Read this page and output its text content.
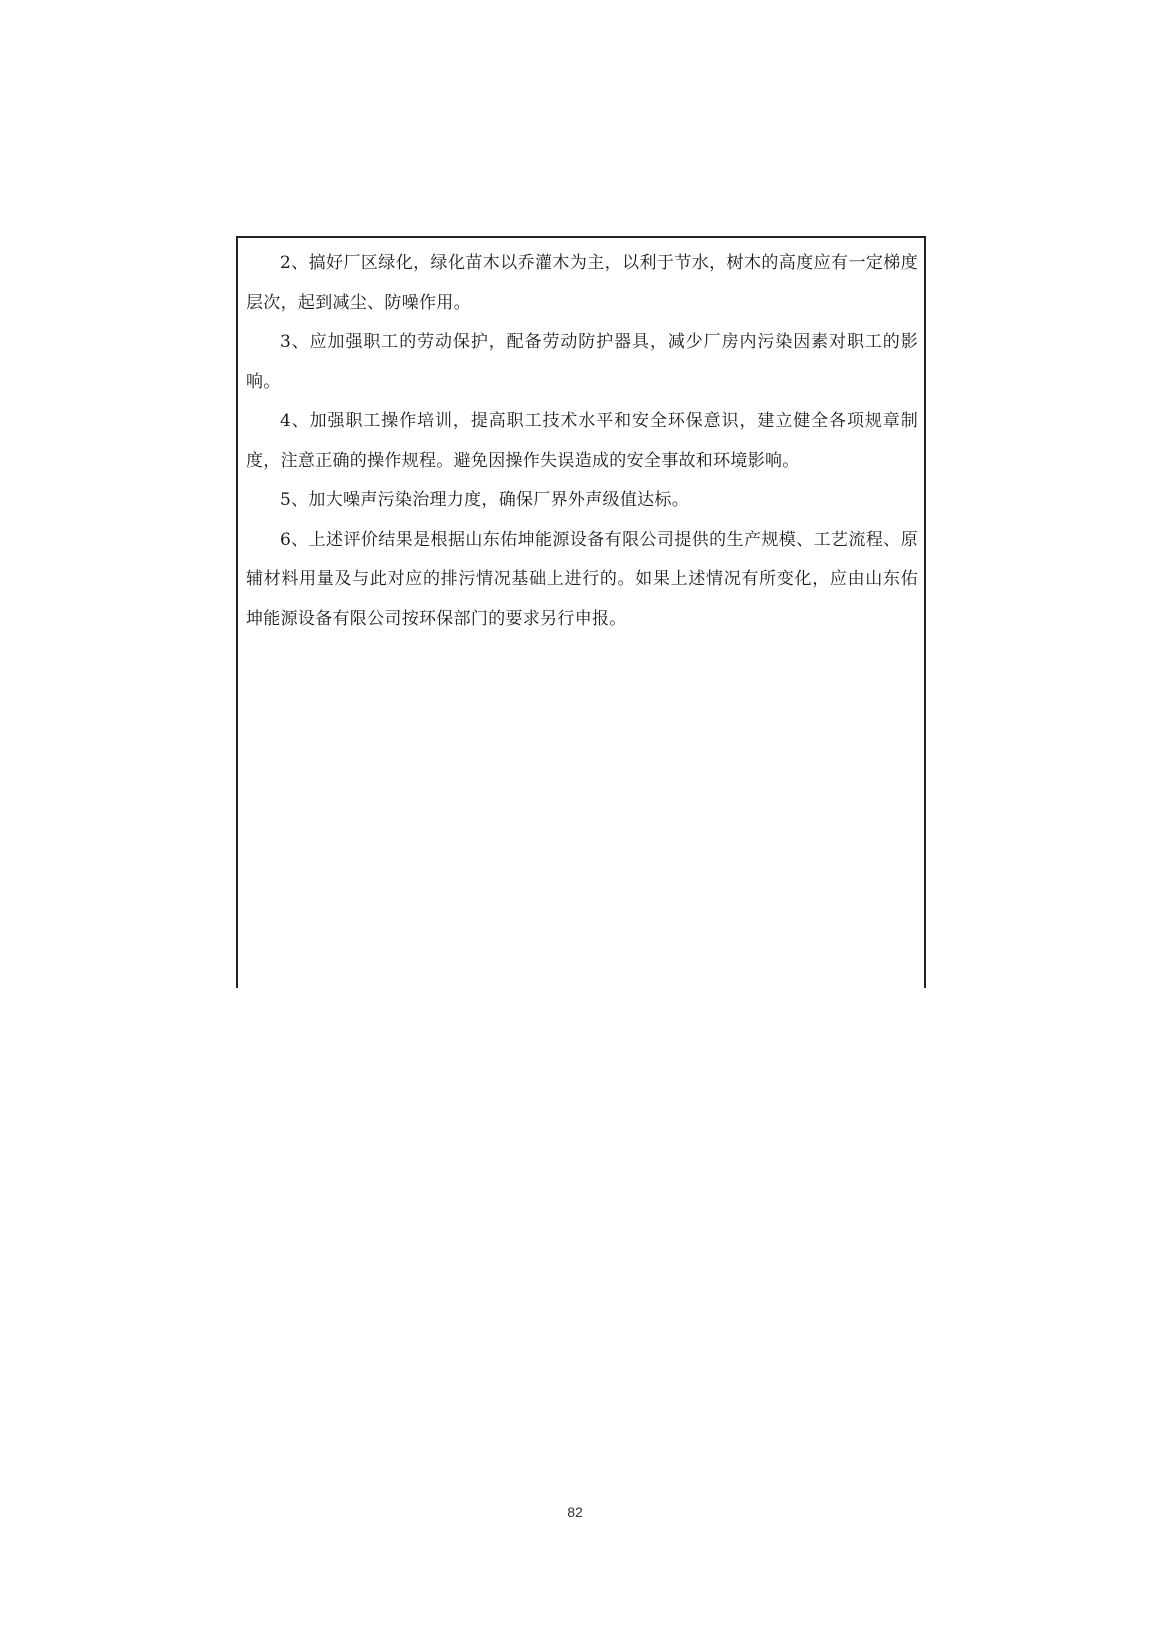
2、搞好厂区绿化，绿化苗木以乔灌木为主，以利于节水，树木的高度应有一定梯度层次，起到减尘、防噪作用。

3、应加强职工的劳动保护，配备劳动防护器具，减少厂房内污染因素对职工的影响。

4、加强职工操作培训，提高职工技术水平和安全环保意识，建立健全各项规章制度，注意正确的操作规程。避免因操作失误造成的安全事故和环境影响。

5、加大噪声污染治理力度，确保厂界外声级值达标。

6、上述评价结果是根据山东佑坤能源设备有限公司提供的生产规模、工艺流程、原辅材料用量及与此对应的排污情况基础上进行的。如果上述情况有所变化，应由山东佑坤能源设备有限公司按环保部门的要求另行申报。

82
